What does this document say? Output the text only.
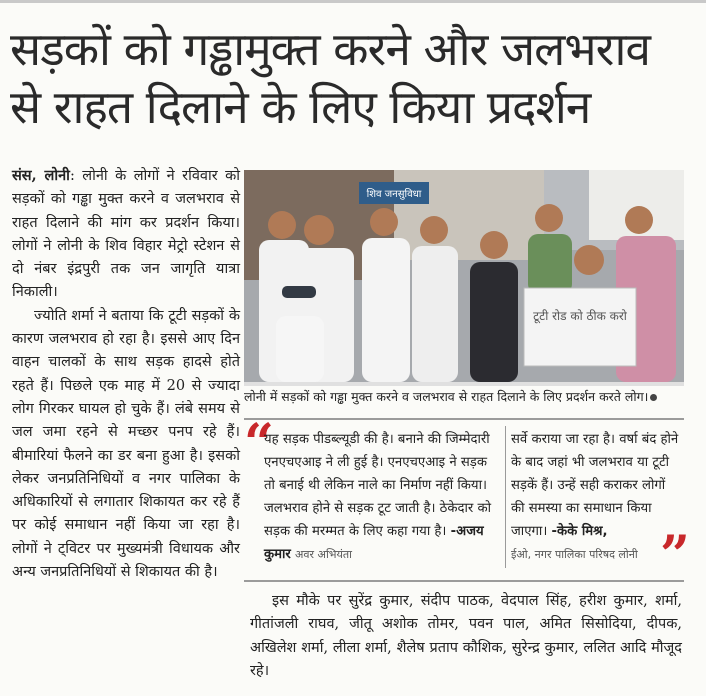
सड़कों को गड्ढामुक्त करने और जलभराव
से राहत दिलाने के लिए किया प्रदर्शन

संस, लोनी: लोनी के लोगों ने रविवार को सड़कों को गड्ढा मुक्त करने व जलभराव से राहत दिलाने की मांग कर प्रदर्शन किया। लोगों ने लोनी के शिव विहार मेट्रो स्टेशन से दो नंबर इंद्रपुरी तक जन जागृति यात्रा निकाली।

ज्योति शर्मा ने बताया कि टूटी सड़कों के कारण जलभराव हो रहा है। इससे आए दिन वाहन चालकों के साथ सड़क हादसे होते रहते हैं। पिछले एक माह में 20 से ज्यादा लोग गिरकर घायल हो चुके हैं। लंबे समय से जल जमा रहने से मच्छर पनप रहे हैं। बीमारियां फैलने का डर बना हुआ है। इसको लेकर जनप्रतिनिधियों व नगर पालिका के अधिकारियों से लगातार शिकायत कर रहे हैं पर कोई समाधान नहीं किया जा रहा है। लोगों ने ट्विटर पर मुख्यमंत्री विधायक और अन्य जनप्रतिनिधियों से शिकायत की है।

शिव जनसुविधा
टूटी रोड को ठीक करो
लोनी में सड़कों को गड्ढा मुक्त करने व जलभराव से राहत दिलाने के लिए प्रदर्शन करते लोग।
“
यह सड़क पीडब्ल्यूडी की है। बनाने की जिम्मेदारी एनएचएआइ ने ली हुई है। एनएचएआइ ने सड़क तो बनाई थी लेकिन नाले का निर्माण नहीं किया। जलभराव होने से सड़क टूट जाती है। ठेकेदार को सड़क की मरम्मत के लिए कहा गया है। -अजय कुमार अवर अभियंता
सर्वे कराया जा रहा है। वर्षा बंद होने के बाद जहां भी जलभराव या टूटी सड़कें हैं। उन्हें सही कराकर लोगों की समस्या का समाधान किया जाएगा। -केके मिश्र,
ईओ, नगर पालिका परिषद लोनी ”

इस मौके पर सुरेंद्र कुमार, संदीप पाठक, वेदपाल सिंह, हरीश कुमार, शर्मा, गीतांजली राघव, जीतू अशोक तोमर, पवन पाल, अमित सिसोदिया, दीपक, अखिलेश शर्मा, लीला शर्मा, शैलेष प्रताप कौशिक, सुरेन्द्र कुमार, ललित आदि मौजूद रहे।
